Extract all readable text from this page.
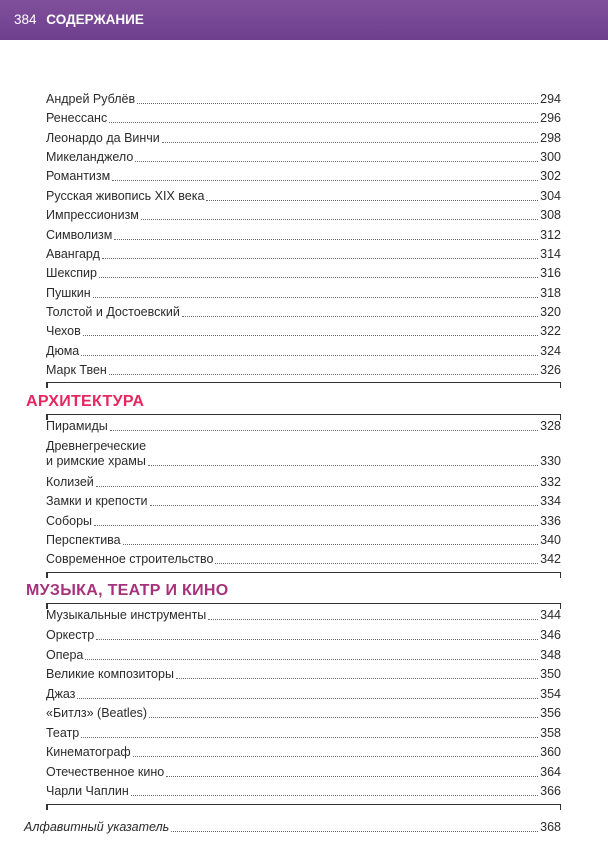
384 СОДЕРЖАНИЕ
Андрей Рублёв	294
Ренессанс	296
Леонардо да Винчи	298
Микеланджело	300
Романтизм	302
Русская живопись XIX века	304
Импрессионизм	308
Символизм	312
Авангард	314
Шекспир	316
Пушкин	318
Толстой и Достоевский	320
Чехов	322
Дюма	324
Марк Твен	326
АРХИТЕКТУРА
Пирамиды	328
Древнегреческие
и римские храмы	330
Колизей	332
Замки и крепости	334
Соборы	336
Перспектива	340
Современное строительство	342
МУЗЫКА, ТЕАТР И КИНО
Музыкальные инструменты	344
Оркестр	346
Опера	348
Великие композиторы	350
Джаз	354
«Битлз» (Beatles)	356
Театр	358
Кинематограф	360
Отечественное кино	364
Чарли Чаплин	366
Алфавитный указатель	368
